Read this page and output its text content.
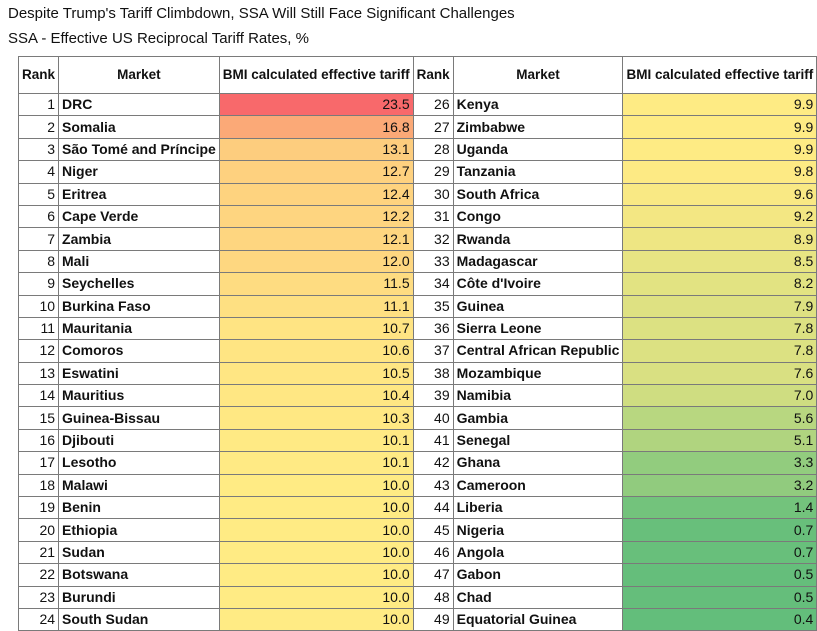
Despite Trump's Tariff Climbdown, SSA Will Still Face Significant Challenges
SSA - Effective US Reciprocal Tariff Rates, %
Rank	Market	BMI calculated effective tariff	Rank	Market	BMI calculated effective tariff
1	DRC	23.5	26	Kenya	9.9
2	Somalia	16.8	27	Zimbabwe	9.9
3	São Tomé and Príncipe	13.1	28	Uganda	9.9
4	Niger	12.7	29	Tanzania	9.8
5	Eritrea	12.4	30	South Africa	9.6
6	Cape Verde	12.2	31	Congo	9.2
7	Zambia	12.1	32	Rwanda	8.9
8	Mali	12.0	33	Madagascar	8.5
9	Seychelles	11.5	34	Côte d'Ivoire	8.2
10	Burkina Faso	11.1	35	Guinea	7.9
11	Mauritania	10.7	36	Sierra Leone	7.8
12	Comoros	10.6	37	Central African Republic	7.8
13	Eswatini	10.5	38	Mozambique	7.6
14	Mauritius	10.4	39	Namibia	7.0
15	Guinea-Bissau	10.3	40	Gambia	5.6
16	Djibouti	10.1	41	Senegal	5.1
17	Lesotho	10.1	42	Ghana	3.3
18	Malawi	10.0	43	Cameroon	3.2
19	Benin	10.0	44	Liberia	1.4
20	Ethiopia	10.0	45	Nigeria	0.7
21	Sudan	10.0	46	Angola	0.7
22	Botswana	10.0	47	Gabon	0.5
23	Burundi	10.0	48	Chad	0.5
24	South Sudan	10.0	49	Equatorial Guinea	0.4
